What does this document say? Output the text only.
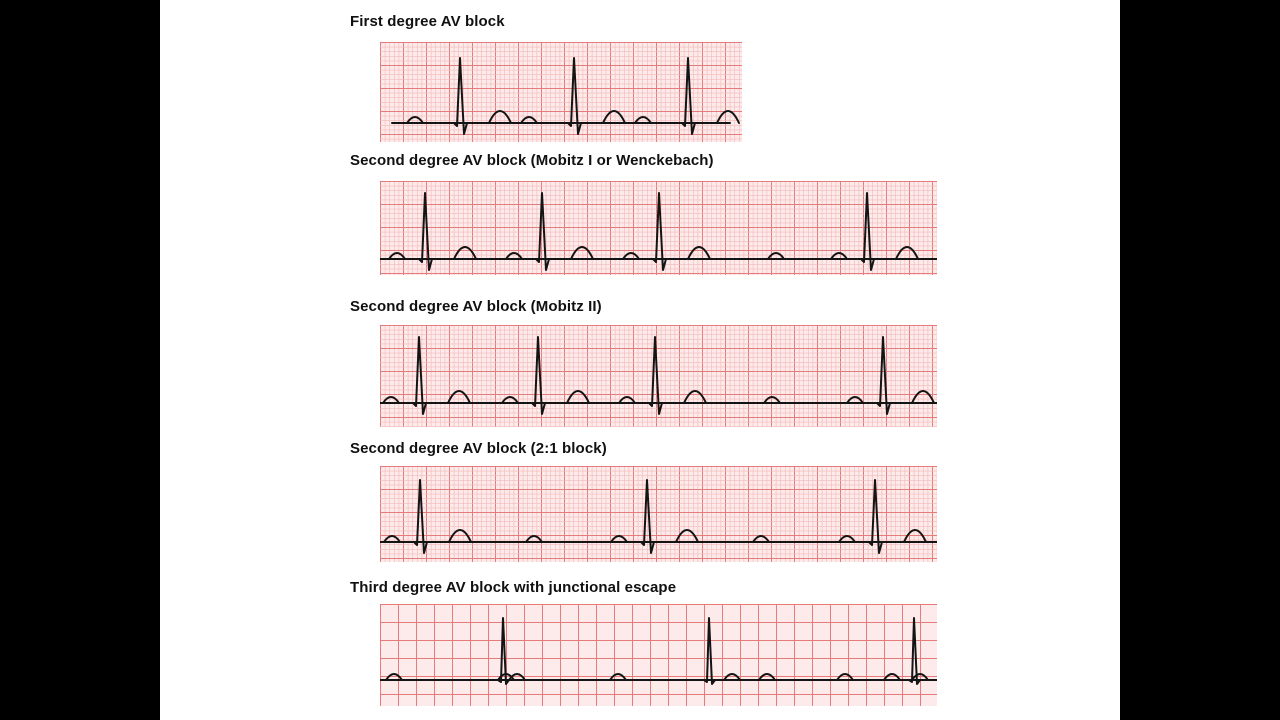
First degree AV block
Second degree AV block (Mobitz I or Wenckebach)
Second degree AV block (Mobitz II)
Second degree AV block (2:1 block)
Third degree AV block with junctional escape
